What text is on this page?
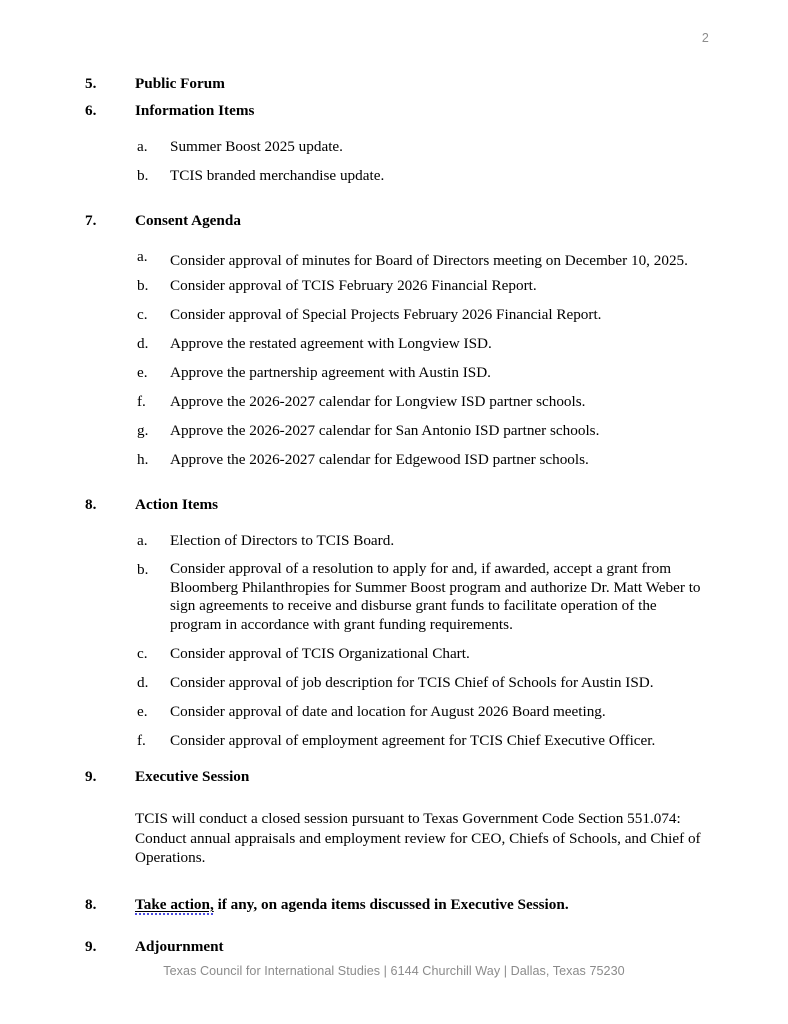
2
5.	Public Forum
6.	Information Items
a. Summer Boost 2025 update.
b. TCIS branded merchandise update.
7.	Consent Agenda
a. Consider approval of minutes for Board of Directors meeting on December 10, 2025.
b. Consider approval of TCIS February 2026 Financial Report.
c. Consider approval of Special Projects February 2026 Financial Report.
d. Approve the restated agreement with Longview ISD.
e. Approve the partnership agreement with Austin ISD.
f. Approve the 2026-2027 calendar for Longview ISD partner schools.
g. Approve the 2026-2027 calendar for San Antonio ISD partner schools.
h. Approve the 2026-2027 calendar for Edgewood ISD partner schools.
8.	Action Items
a. Election of Directors to TCIS Board.
b. Consider approval of a resolution to apply for and, if awarded, accept a grant from Bloomberg Philanthropies for Summer Boost program and authorize Dr. Matt Weber to sign agreements to receive and disburse grant funds to facilitate operation of the program in accordance with grant funding requirements.
c. Consider approval of TCIS Organizational Chart.
d. Consider approval of job description for TCIS Chief of Schools for Austin ISD.
e. Consider approval of date and location for August 2026 Board meeting.
f. Consider approval of employment agreement for TCIS Chief Executive Officer.
9.	Executive Session
TCIS will conduct a closed session pursuant to Texas Government Code Section 551.074: Conduct annual appraisals and employment review for CEO, Chiefs of Schools, and Chief of Operations.
8.	Take action, if any, on agenda items discussed in Executive Session.
9.	Adjournment
Texas Council for International Studies | 6144 Churchill Way | Dallas, Texas 75230
